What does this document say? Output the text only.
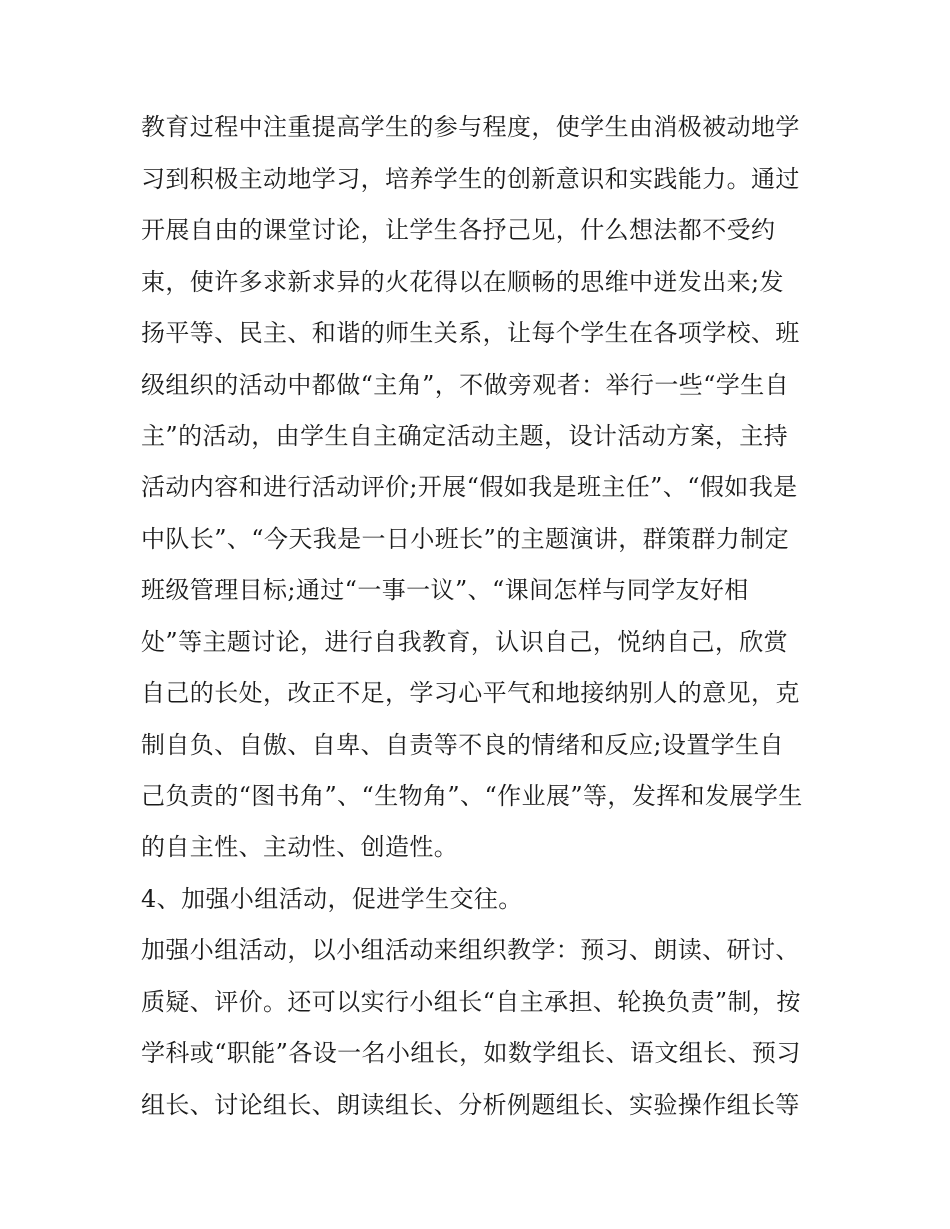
教育过程中注重提高学生的参与程度，使学生由消极被动地学
习到积极主动地学习，培养学生的创新意识和实践能力。通过
开展自由的课堂讨论，让学生各抒己见，什么想法都不受约
束，使许多求新求异的火花得以在顺畅的思维中迸发出来;发
扬平等、民主、和谐的师生关系，让每个学生在各项学校、班
级组织的活动中都做“主角”，不做旁观者：举行一些“学生自
主”的活动，由学生自主确定活动主题，设计活动方案，主持
活动内容和进行活动评价;开展“假如我是班主任”、“假如我是
中队长”、“今天我是一日小班长”的主题演讲，群策群力制定
班级管理目标;通过“一事一议”、“课间怎样与同学友好相
处”等主题讨论，进行自我教育，认识自己，悦纳自己，欣赏
自己的长处，改正不足，学习心平气和地接纳别人的意见，克
制自负、自傲、自卑、自责等不良的情绪和反应;设置学生自
己负责的“图书角”、“生物角”、“作业展”等，发挥和发展学生
的自主性、主动性、创造性。
4、加强小组活动，促进学生交往。
加强小组活动，以小组活动来组织教学：预习、朗读、研讨、
质疑、评价。还可以实行小组长“自主承担、轮换负责”制，按
学科或“职能”各设一名小组长，如数学组长、语文组长、预习
组长、讨论组长、朗读组长、分析例题组长、实验操作组长等
